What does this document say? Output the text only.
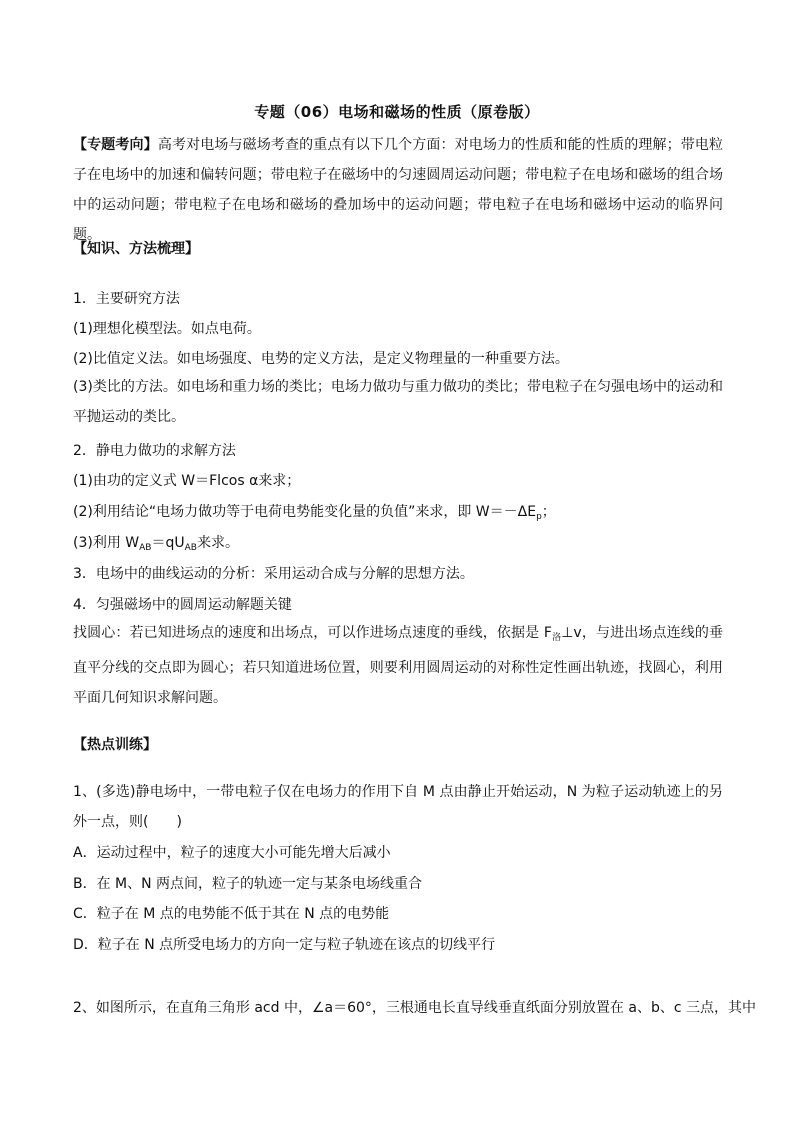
专题（06）电场和磁场的性质（原卷版）
【专题考向】高考对电场与磁场考查的重点有以下几个方面：对电场力的性质和能的性质的理解；带电粒子在电场中的加速和偏转问题；带电粒子在磁场中的匀速圆周运动问题；带电粒子在电场和磁场的组合场中的运动问题；带电粒子在电场和磁场的叠加场中的运动问题；带电粒子在电场和磁场中运动的临界问题。
【知识、方法梳理】
1．主要研究方法
(1)理想化模型法。如点电荷。
(2)比值定义法。如电场强度、电势的定义方法，是定义物理量的一种重要方法。
(3)类比的方法。如电场和重力场的类比；电场力做功与重力做功的类比；带电粒子在匀强电场中的运动和平抛运动的类比。
2．静电力做功的求解方法
(1)由功的定义式 W＝Flcos α来求；
(2)利用结论“电场力做功等于电荷电势能变化量的负值”来求，即 $W=-\Delta E_p$；
(3)利用 $W_{AB}=qU_{AB}$来求。
3．电场中的曲线运动的分析：采用运动合成与分解的思想方法。
4．匀强磁场中的圆周运动解题关键
找圆心：若已知进场点的速度和出场点，可以作进场点速度的垂线，依据是 $F_洛\perp v$，与进出场点连线的垂直平分线的交点即为圆心；若只知道进场位置，则要利用圆周运动的对称性定性画出轨迹，找圆心，利用平面几何知识求解问题。
【热点训练】
1、(多选)静电场中，一带电粒子仅在电场力的作用下自 M 点由静止开始运动，N 为粒子运动轨迹上的另外一点，则(　　)
A．运动过程中，粒子的速度大小可能先增大后减小
B．在 M、N 两点间，粒子的轨迹一定与某条电场线重合
C．粒子在 M 点的电势能不低于其在 N 点的电势能
D．粒子在 N 点所受电场力的方向一定与粒子轨迹在该点的切线平行
2、如图所示，在直角三角形 acd 中，∠a＝60°，三根通电长直导线垂直纸面分别放置在 a、b、c 三点，其中
